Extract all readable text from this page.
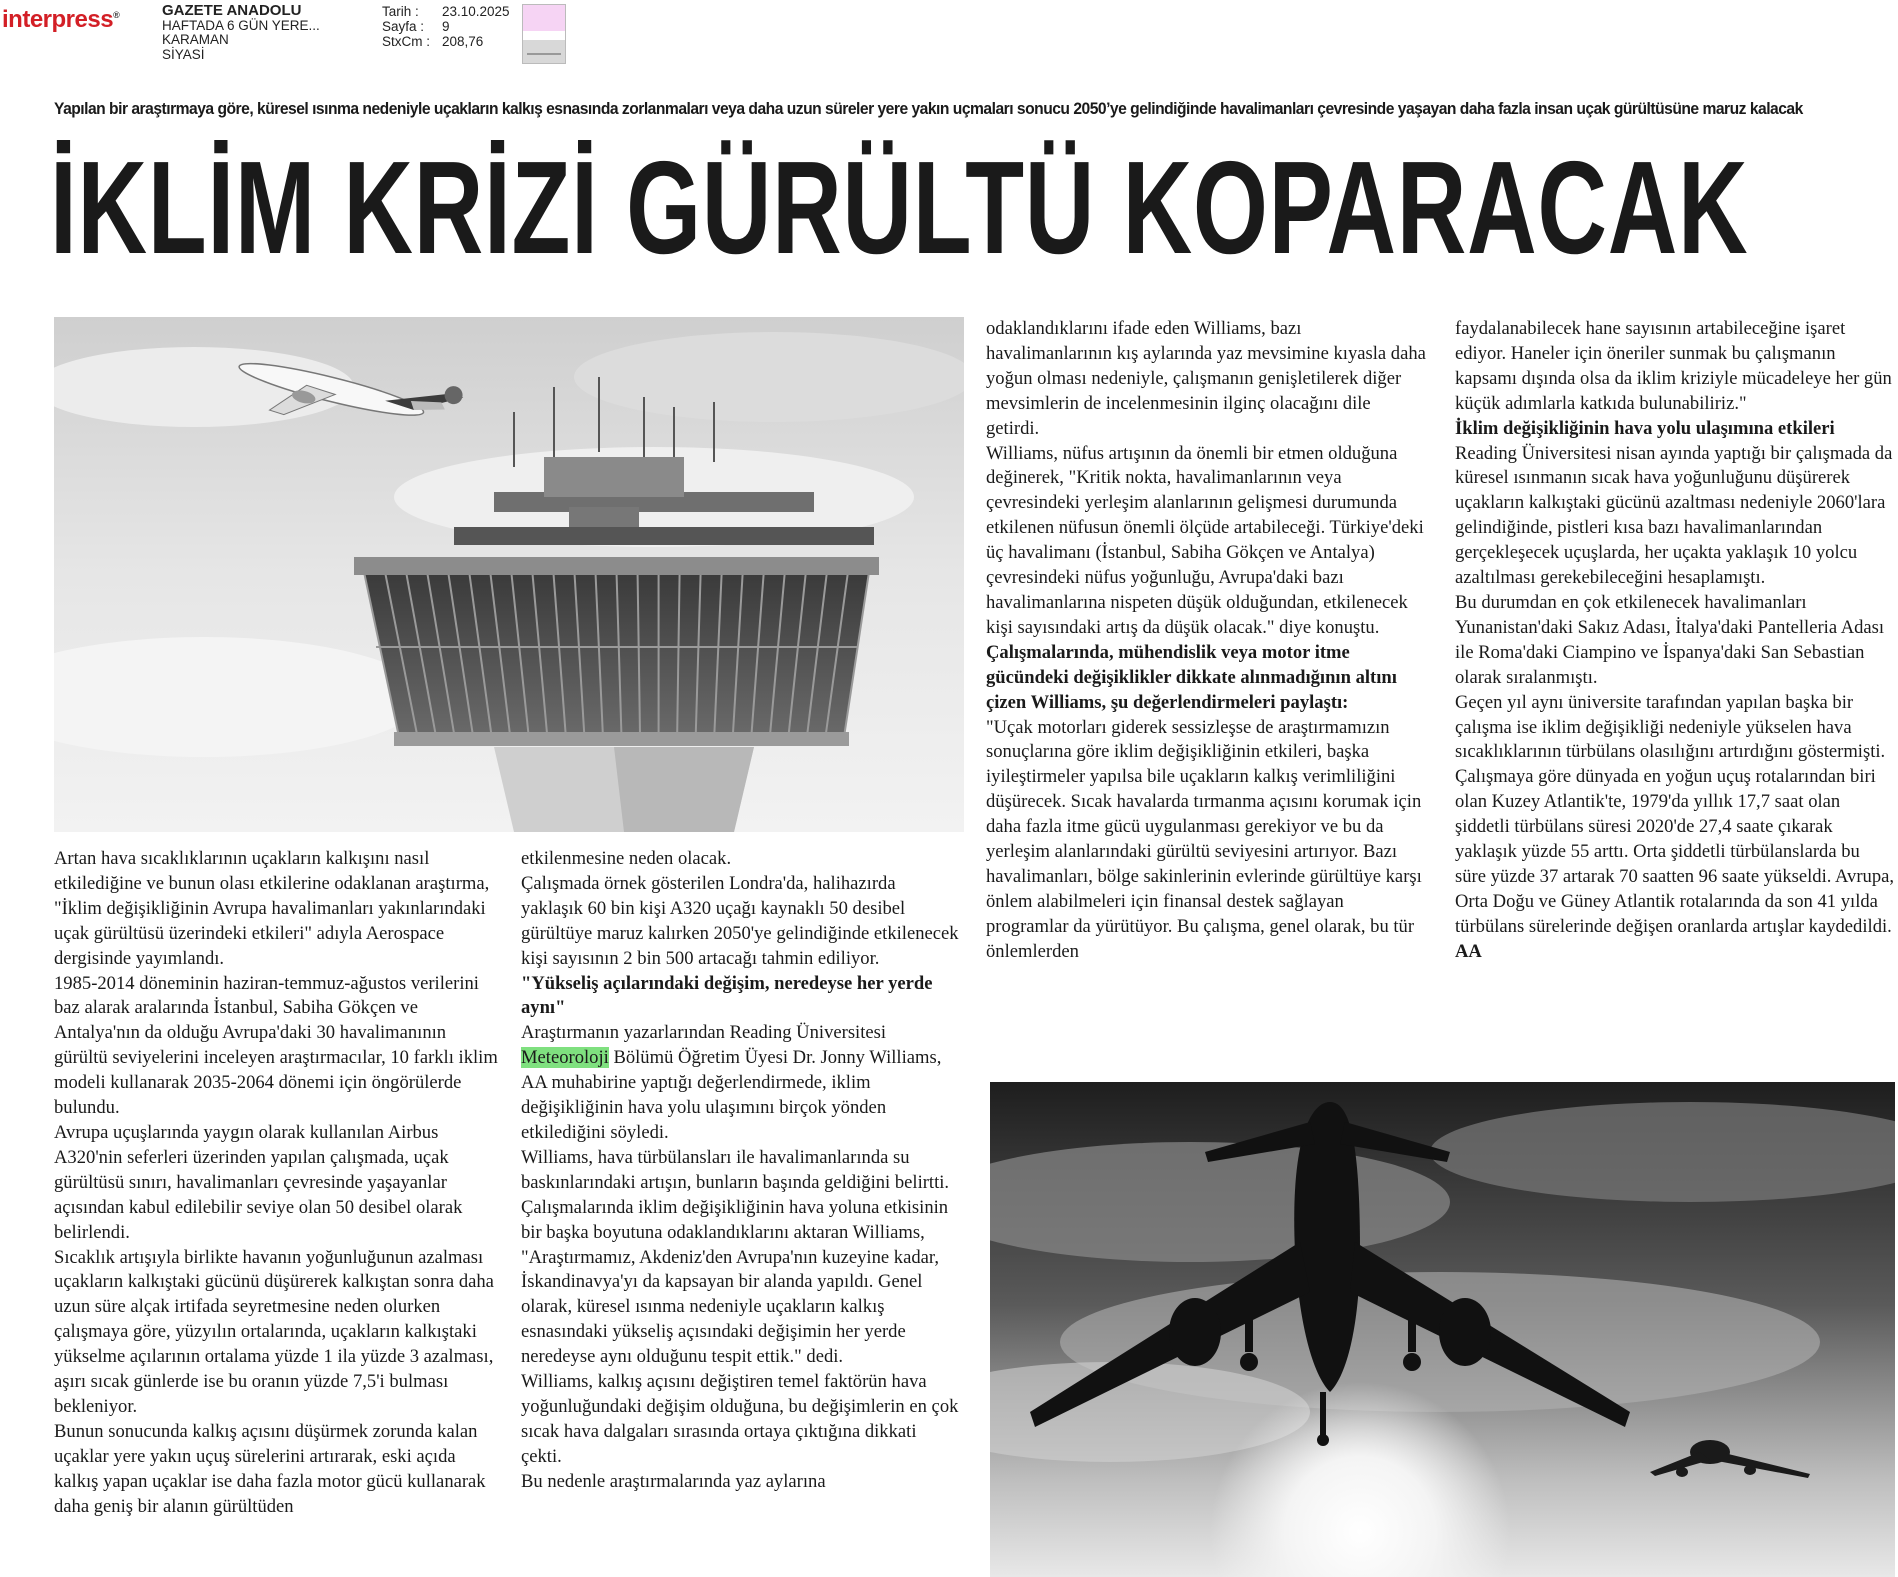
interpress®	GAZETE ANADOLU
HAFTADA 6 GÜN YERE...
KARAMAN
SİYASİ
Tarih :	23.10.2025
Sayfa :	9
StxCm : 208,76
Yapılan bir araştırmaya göre, küresel ısınma nedeniyle uçakların kalkış esnasında zorlanmaları veya daha uzun süreler yere yakın uçmaları sonucu 2050’ye gelindiğinde havalimanları çevresinde yaşayan daha fazla insan uçak gürültüsüne maruz kalacak
İKLİM KRİZİ GÜRÜLTÜ KOPARACAK

Artan hava sıcaklıklarının uçakların kalkışını nasıl etkilediğine ve bunun olası etkilerine odaklanan araştırma, "İklim değişikliğinin Avrupa havalimanları yakınlarındaki uçak gürültüsü üzerindeki etkileri" adıyla Aerospace dergisinde yayımlandı.

1985-2014 döneminin haziran-temmuz-ağustos verilerini baz alarak aralarında İstanbul, Sabiha Gökçen ve Antalya'nın da olduğu Avrupa'daki 30 havalimanının gürültü seviyelerini inceleyen araştırmacılar, 10 farklı iklim modeli kullanarak 2035-2064 dönemi için öngörülerde bulundu.

Avrupa uçuşlarında yaygın olarak kullanılan Airbus A320'nin seferleri üzerinden yapılan çalışmada, uçak gürültüsü sınırı, havalimanları çevresinde yaşayanlar açısından kabul edilebilir seviye olan 50 desibel olarak belirlendi.

Sıcaklık artışıyla birlikte havanın yoğunluğunun azalması uçakların kalkıştaki gücünü düşürerek kalkıştan sonra daha uzun süre alçak irtifada seyretmesine neden olurken çalışmaya göre, yüzyılın ortalarında, uçakların kalkıştaki yükselme açılarının ortalama yüzde 1 ila yüzde 3 azalması, aşırı sıcak günlerde ise bu oranın yüzde 7,5'i bulması bekleniyor.

Bunun sonucunda kalkış açısını düşürmek zorunda kalan uçaklar yere yakın uçuş sürelerini artırarak, eski açıda kalkış yapan uçaklar ise daha fazla motor gücü kullanarak daha geniş bir alanın gürültüden

etkilenmesine neden olacak.

Çalışmada örnek gösterilen Londra'da, halihazırda yaklaşık 60 bin kişi A320 uçağı kaynaklı 50 desibel gürültüye maruz kalırken 2050'ye gelindiğinde etkilenecek kişi sayısının 2 bin 500 artacağı tahmin ediliyor.

"Yükseliş açılarındaki değişim, neredeyse her yerde aynı"

Araştırmanın yazarlarından Reading Üniversitesi Meteoroloji Bölümü Öğretim Üyesi Dr. Jonny Williams, AA muhabirine yaptığı değerlendirmede, iklim değişikliğinin hava yolu ulaşımını birçok yönden etkilediğini söyledi.

Williams, hava türbülansları ile havalimanlarında su baskınlarındaki artışın, bunların başında geldiğini belirtti.

Çalışmalarında iklim değişikliğinin hava yoluna etkisinin bir başka boyutuna odaklandıklarını aktaran Williams, "Araştırmamız, Akdeniz'den Avrupa'nın kuzeyine kadar, İskandinavya'yı da kapsayan bir alanda yapıldı. Genel olarak, küresel ısınma nedeniyle uçakların kalkış esnasındaki yükseliş açısındaki değişimin her yerde neredeyse aynı olduğunu tespit ettik." dedi.

Williams, kalkış açısını değiştiren temel faktörün hava yoğunluğundaki değişim olduğuna, bu değişimlerin en çok sıcak hava dalgaları sırasında ortaya çıktığına dikkati çekti.

Bu nedenle araştırmalarında yaz aylarına

odaklandıklarını ifade eden Williams, bazı havalimanlarının kış aylarında yaz mevsimine kıyasla daha yoğun olması nedeniyle, çalışmanın genişletilerek diğer mevsimlerin de incelenmesinin ilginç olacağını dile getirdi.

Williams, nüfus artışının da önemli bir etmen olduğuna değinerek, "Kritik nokta, havalimanlarının veya çevresindeki yerleşim alanlarının gelişmesi durumunda etkilenen nüfusun önemli ölçüde artabileceği. Türkiye'deki üç havalimanı (İstanbul, Sabiha Gökçen ve Antalya) çevresindeki nüfus yoğunluğu, Avrupa'daki bazı havalimanlarına nispeten düşük olduğundan, etkilenecek kişi sayısındaki artış da düşük olacak." diye konuştu.

Çalışmalarında, mühendislik veya motor itme gücündeki değişiklikler dikkate alınmadığının altını çizen Williams, şu değerlendirmeleri paylaştı:

"Uçak motorları giderek sessizleşse de araştırmamızın sonuçlarına göre iklim değişikliğinin etkileri, başka iyileştirmeler yapılsa bile uçakların kalkış verimliliğini düşürecek. Sıcak havalarda tırmanma açısını korumak için daha fazla itme gücü uygulanması gerekiyor ve bu da yerleşim alanlarındaki gürültü seviyesini artırıyor. Bazı havalimanları, bölge sakinlerinin evlerinde gürültüye karşı önlem alabilmeleri için finansal destek sağlayan programlar da yürütüyor. Bu çalışma, genel olarak, bu tür önlemlerden

faydalanabilecek hane sayısının artabileceğine işaret ediyor. Haneler için öneriler sunmak bu çalışmanın kapsamı dışında olsa da iklim kriziyle mücadeleye her gün küçük adımlarla katkıda bulunabiliriz."

İklim değişikliğinin hava yolu ulaşımına etkileri

Reading Üniversitesi nisan ayında yaptığı bir çalışmada da küresel ısınmanın sıcak hava yoğunluğunu düşürerek uçakların kalkıştaki gücünü azaltması nedeniyle 2060'lara gelindiğinde, pistleri kısa bazı havalimanlarından gerçekleşecek uçuşlarda, her uçakta yaklaşık 10 yolcu azaltılması gerekebileceğini hesaplamıştı.

Bu durumdan en çok etkilenecek havalimanları Yunanistan'daki Sakız Adası, İtalya'daki Pantelleria Adası ile Roma'daki Ciampino ve İspanya'daki San Sebastian olarak sıralanmıştı.

Geçen yıl aynı üniversite tarafından yapılan başka bir çalışma ise iklim değişikliği nedeniyle yükselen hava sıcaklıklarının türbülans olasılığını artırdığını göstermişti.

Çalışmaya göre dünyada en yoğun uçuş rotalarından biri olan Kuzey Atlantik'te, 1979'da yıllık 17,7 saat olan şiddetli türbülans süresi 2020'de 27,4 saate çıkarak yaklaşık yüzde 55 arttı. Orta şiddetli türbülanslarda bu süre yüzde 37 artarak 70 saatten 96 saate yükseldi. Avrupa, Orta Doğu ve Güney Atlantik rotalarında da son 41 yılda türbülans sürelerinde değişen oranlarda artışlar kaydedildi. AA
